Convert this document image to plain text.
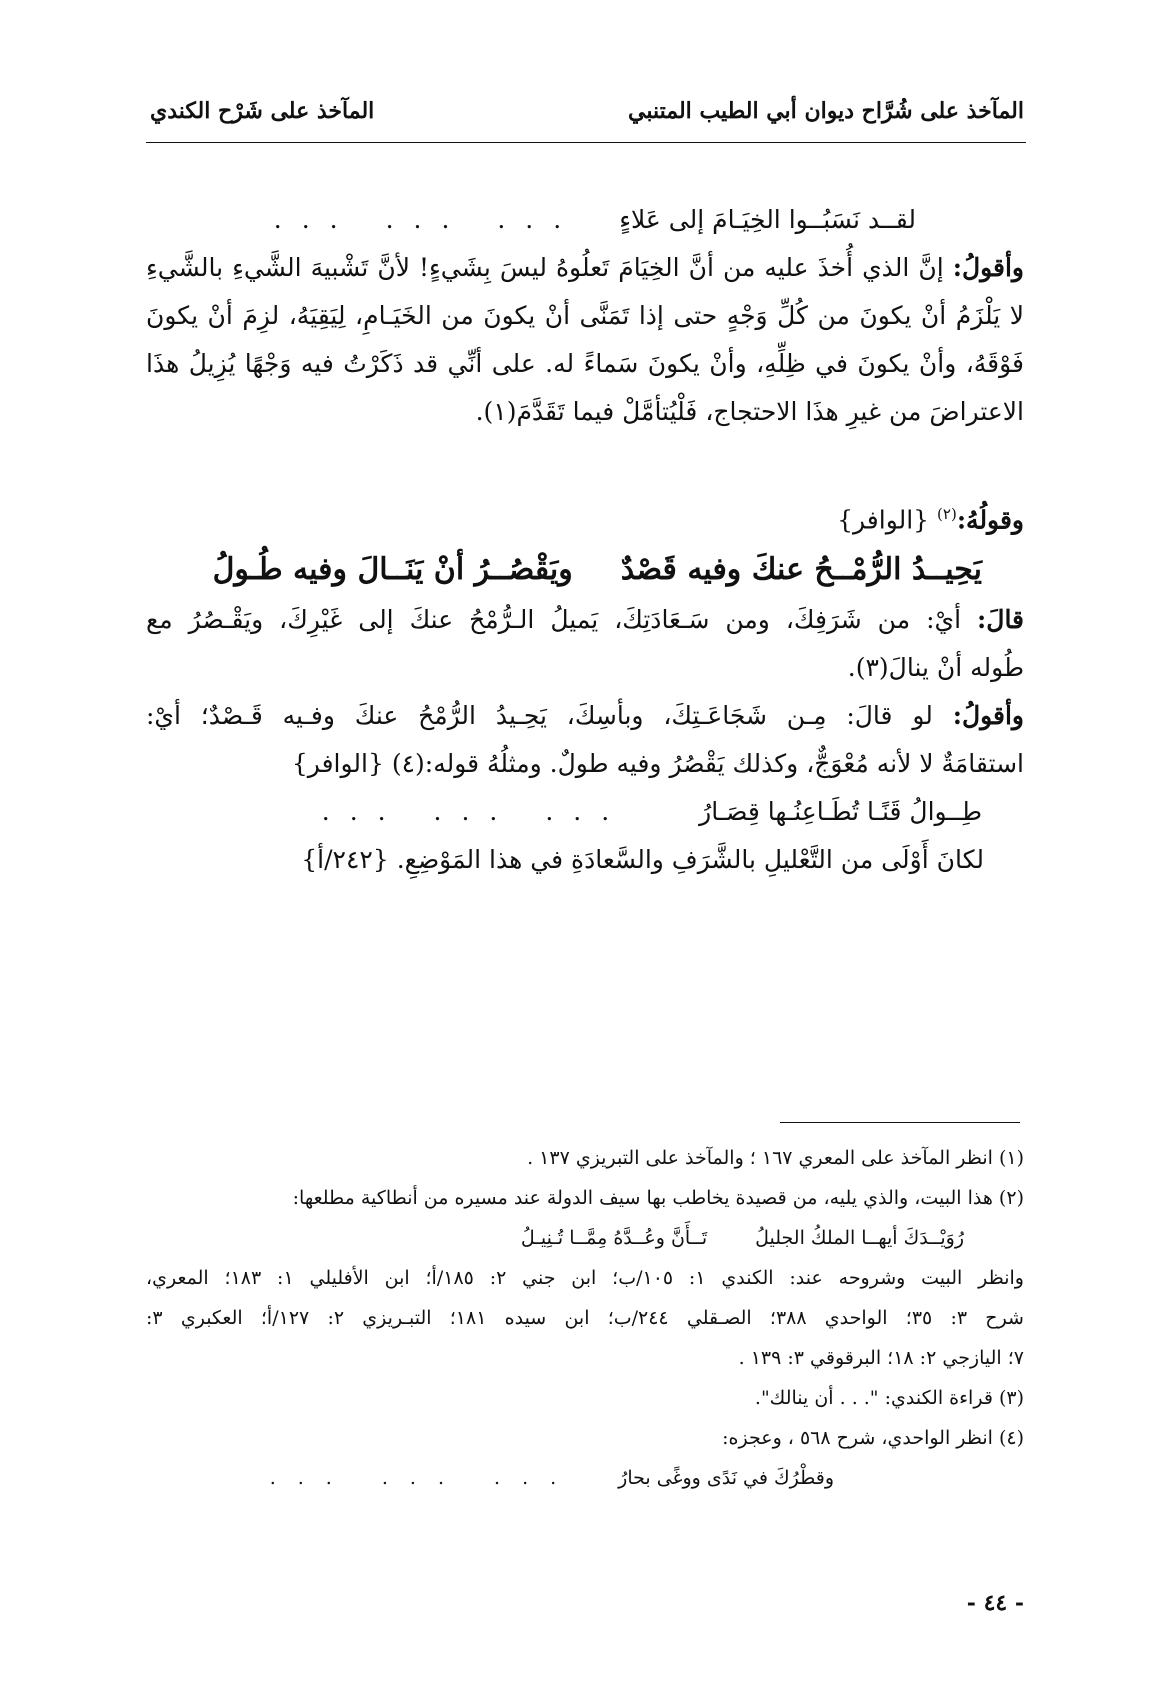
المآخذ على شُرَّاح ديوان أبي الطيب المتنبي
المآخذ على شَرْح الكندي
لقــد نَسَبُــوا الخِيَـامَ إلى عَلاءٍ
... ... ...
وأقولُ: إنَّ الذي أُخذَ عليه من أنَّ الخِيَامَ تَعلُوهُ ليسَ بِشَيءٍ! لأنَّ تَشْبيهَ الشَّيءِ بالشَّيءِ
لا يَلْزَمُ أنْ يكونَ من كُلِّ وَجْهٍ حتى إذا تَمَنَّى أنْ يكونَ من الخَيَـامِ، لِيَقِيَهُ، لزِمَ أنْ يكونَ
فَوْقَهُ، وأنْ يكونَ في ظِلِّهِ، وأنْ يكونَ سَماءً له. على أنِّي قد ذَكَرْتُ فيه وَجْهًا يُزِيلُ هذَا
الاعتراضَ من غيرِ هذَا الاحتجاج، فَلْيُتأمَّلْ فيما تَقَدَّمَ(١).
وقولُهُ:$^{(٢)}$ {الوافر}
يَحِيــدُ الرُّمْــحُ عنكَ وفيه قَصْدٌ
ويَقْصُــرُ أنْ يَنَــالَ وفيه طُـولُ
قالَ: أيْ: من شَرَفِكَ، ومن سَـعَادَتِكَ، يَميلُ الـرُّمْحُ عنكَ إلى غَيْرِكَ، ويَقْـصُرُ مع
طُوله أنْ ينالَ(٣).
وأقولُ: لو قالَ: مِـن شَجَاعَـتِكَ، وبأسِكَ، يَحِـيدُ الرُّمْحُ عنكَ وفـيه قَـصْدٌ؛ أيْ:
استقامَةٌ لا لأنه مُعْوَجٌّ، وكذلك يَقْصُرُ وفيه طولٌ. ومثلُهُ قوله:(٤) {الوافر}
طِــوالُ قَنًـا تُطَـاعِنُـها قِصَـارُ
... ... ...
لكانَ أَوْلَى من التَّعْليلِ بالشَّرَفِ والسَّعادَةِ في هذا المَوْضِعِ. {٢٤٢/أ}
(١) انظر المآخذ على المعري ١٦٧ ؛ والمآخذ على التبريزي ١٣٧ .
(٢) هذا البيت، والذي يليه، من قصيدة يخاطب بها سيف الدولة عند مسيره من أنطاكية مطلعها:
رُوَيْــدَكَ أيهــا الملكُ الجليلُ
تَــأَنَّ وعُــدَّهُ مِمَّــا تُـنِيـلُ
وانظر البيت وشروحه عند: الكندي ١: ١٠٥/ب؛ ابن جني ٢: ١٨٥/أ؛ ابن الأفليلي ١: ١٨٣؛ المعري،
شرح ٣: ٣٥؛ الواحدي ٣٨٨؛ الصـقلي ٢٤٤/ب؛ ابن سيده ١٨١؛ التبـريزي ٢: ١٢٧/أ؛ العكبري ٣:
٧؛ اليازجي ٢: ١٨؛ البرقوقي ٣: ١٣٩ .
(٣) قراءة الكندي: ". . . أن ينالك".
(٤) انظر الواحدي، شرح ٥٦٨ ، وعجزه:
وقطْرُكَ في نَدًى ووغًى بحارُ
... ... ...
- ٤٤ -
